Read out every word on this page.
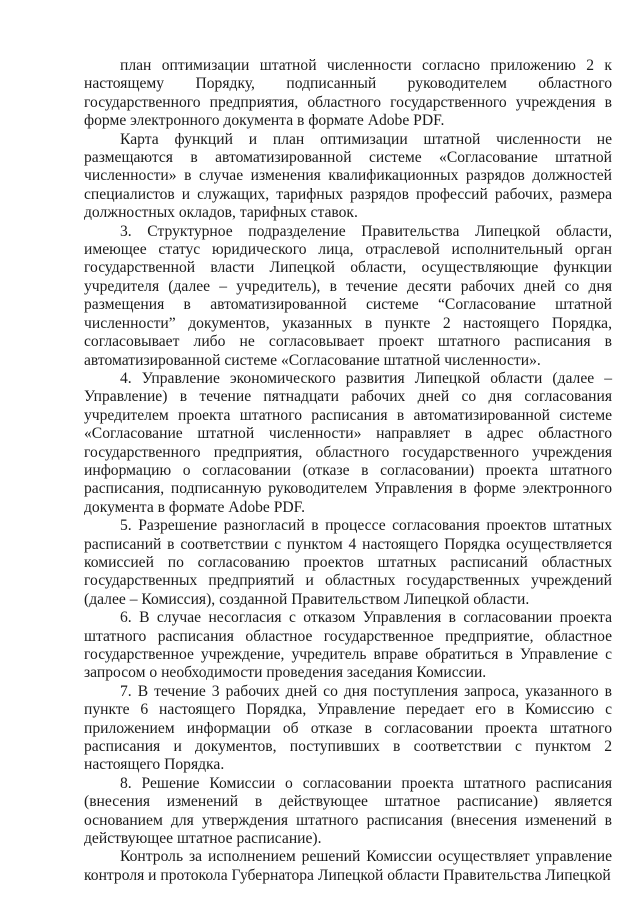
план оптимизации штатной численности согласно приложению 2 к настоящему Порядку, подписанный руководителем областного государственного предприятия, областного государственного учреждения в форме электронного документа в формате Adobe PDF.

Карта функций и план оптимизации штатной численности не размещаются в автоматизированной системе «Согласование штатной численности» в случае изменения квалификационных разрядов должностей специалистов и служащих, тарифных разрядов профессий рабочих, размера должностных окладов, тарифных ставок.

3. Структурное подразделение Правительства Липецкой области, имеющее статус юридического лица, отраслевой исполнительный орган государственной власти Липецкой области, осуществляющие функции учредителя (далее – учредитель), в течение десяти рабочих дней со дня размещения в автоматизированной системе “Согласование штатной численности” документов, указанных в пункте 2 настоящего Порядка, согласовывает либо не согласовывает проект штатного расписания в автоматизированной системе «Согласование штатной численности».

4. Управление экономического развития Липецкой области (далее – Управление) в течение пятнадцати рабочих дней со дня согласования учредителем проекта штатного расписания в автоматизированной системе «Согласование штатной численности» направляет в адрес областного государственного предприятия, областного государственного учреждения информацию о согласовании (отказе в согласовании) проекта штатного расписания, подписанную руководителем Управления в форме электронного документа в формате Adobe PDF.

5. Разрешение разногласий в процессе согласования проектов штатных расписаний в соответствии с пунктом 4 настоящего Порядка осуществляется комиссией по согласованию проектов штатных расписаний областных государственных предприятий и областных государственных учреждений (далее – Комиссия), созданной Правительством Липецкой области.

6. В случае несогласия с отказом Управления в согласовании проекта штатного расписания областное государственное предприятие, областное государственное учреждение, учредитель вправе обратиться в Управление с запросом о необходимости проведения заседания Комиссии.

7. В течение 3 рабочих дней со дня поступления запроса, указанного в пункте 6 настоящего Порядка, Управление передает его в Комиссию с приложением информации об отказе в согласовании проекта штатного расписания и документов, поступивших в соответствии с пунктом 2 настоящего Порядка.

8. Решение Комиссии о согласовании проекта штатного расписания (внесения изменений в действующее штатное расписание) является основанием для утверждения штатного расписания (внесения изменений в действующее штатное расписание).

Контроль за исполнением решений Комиссии осуществляет управление контроля и протокола Губернатора Липецкой области Правительства Липецкой
